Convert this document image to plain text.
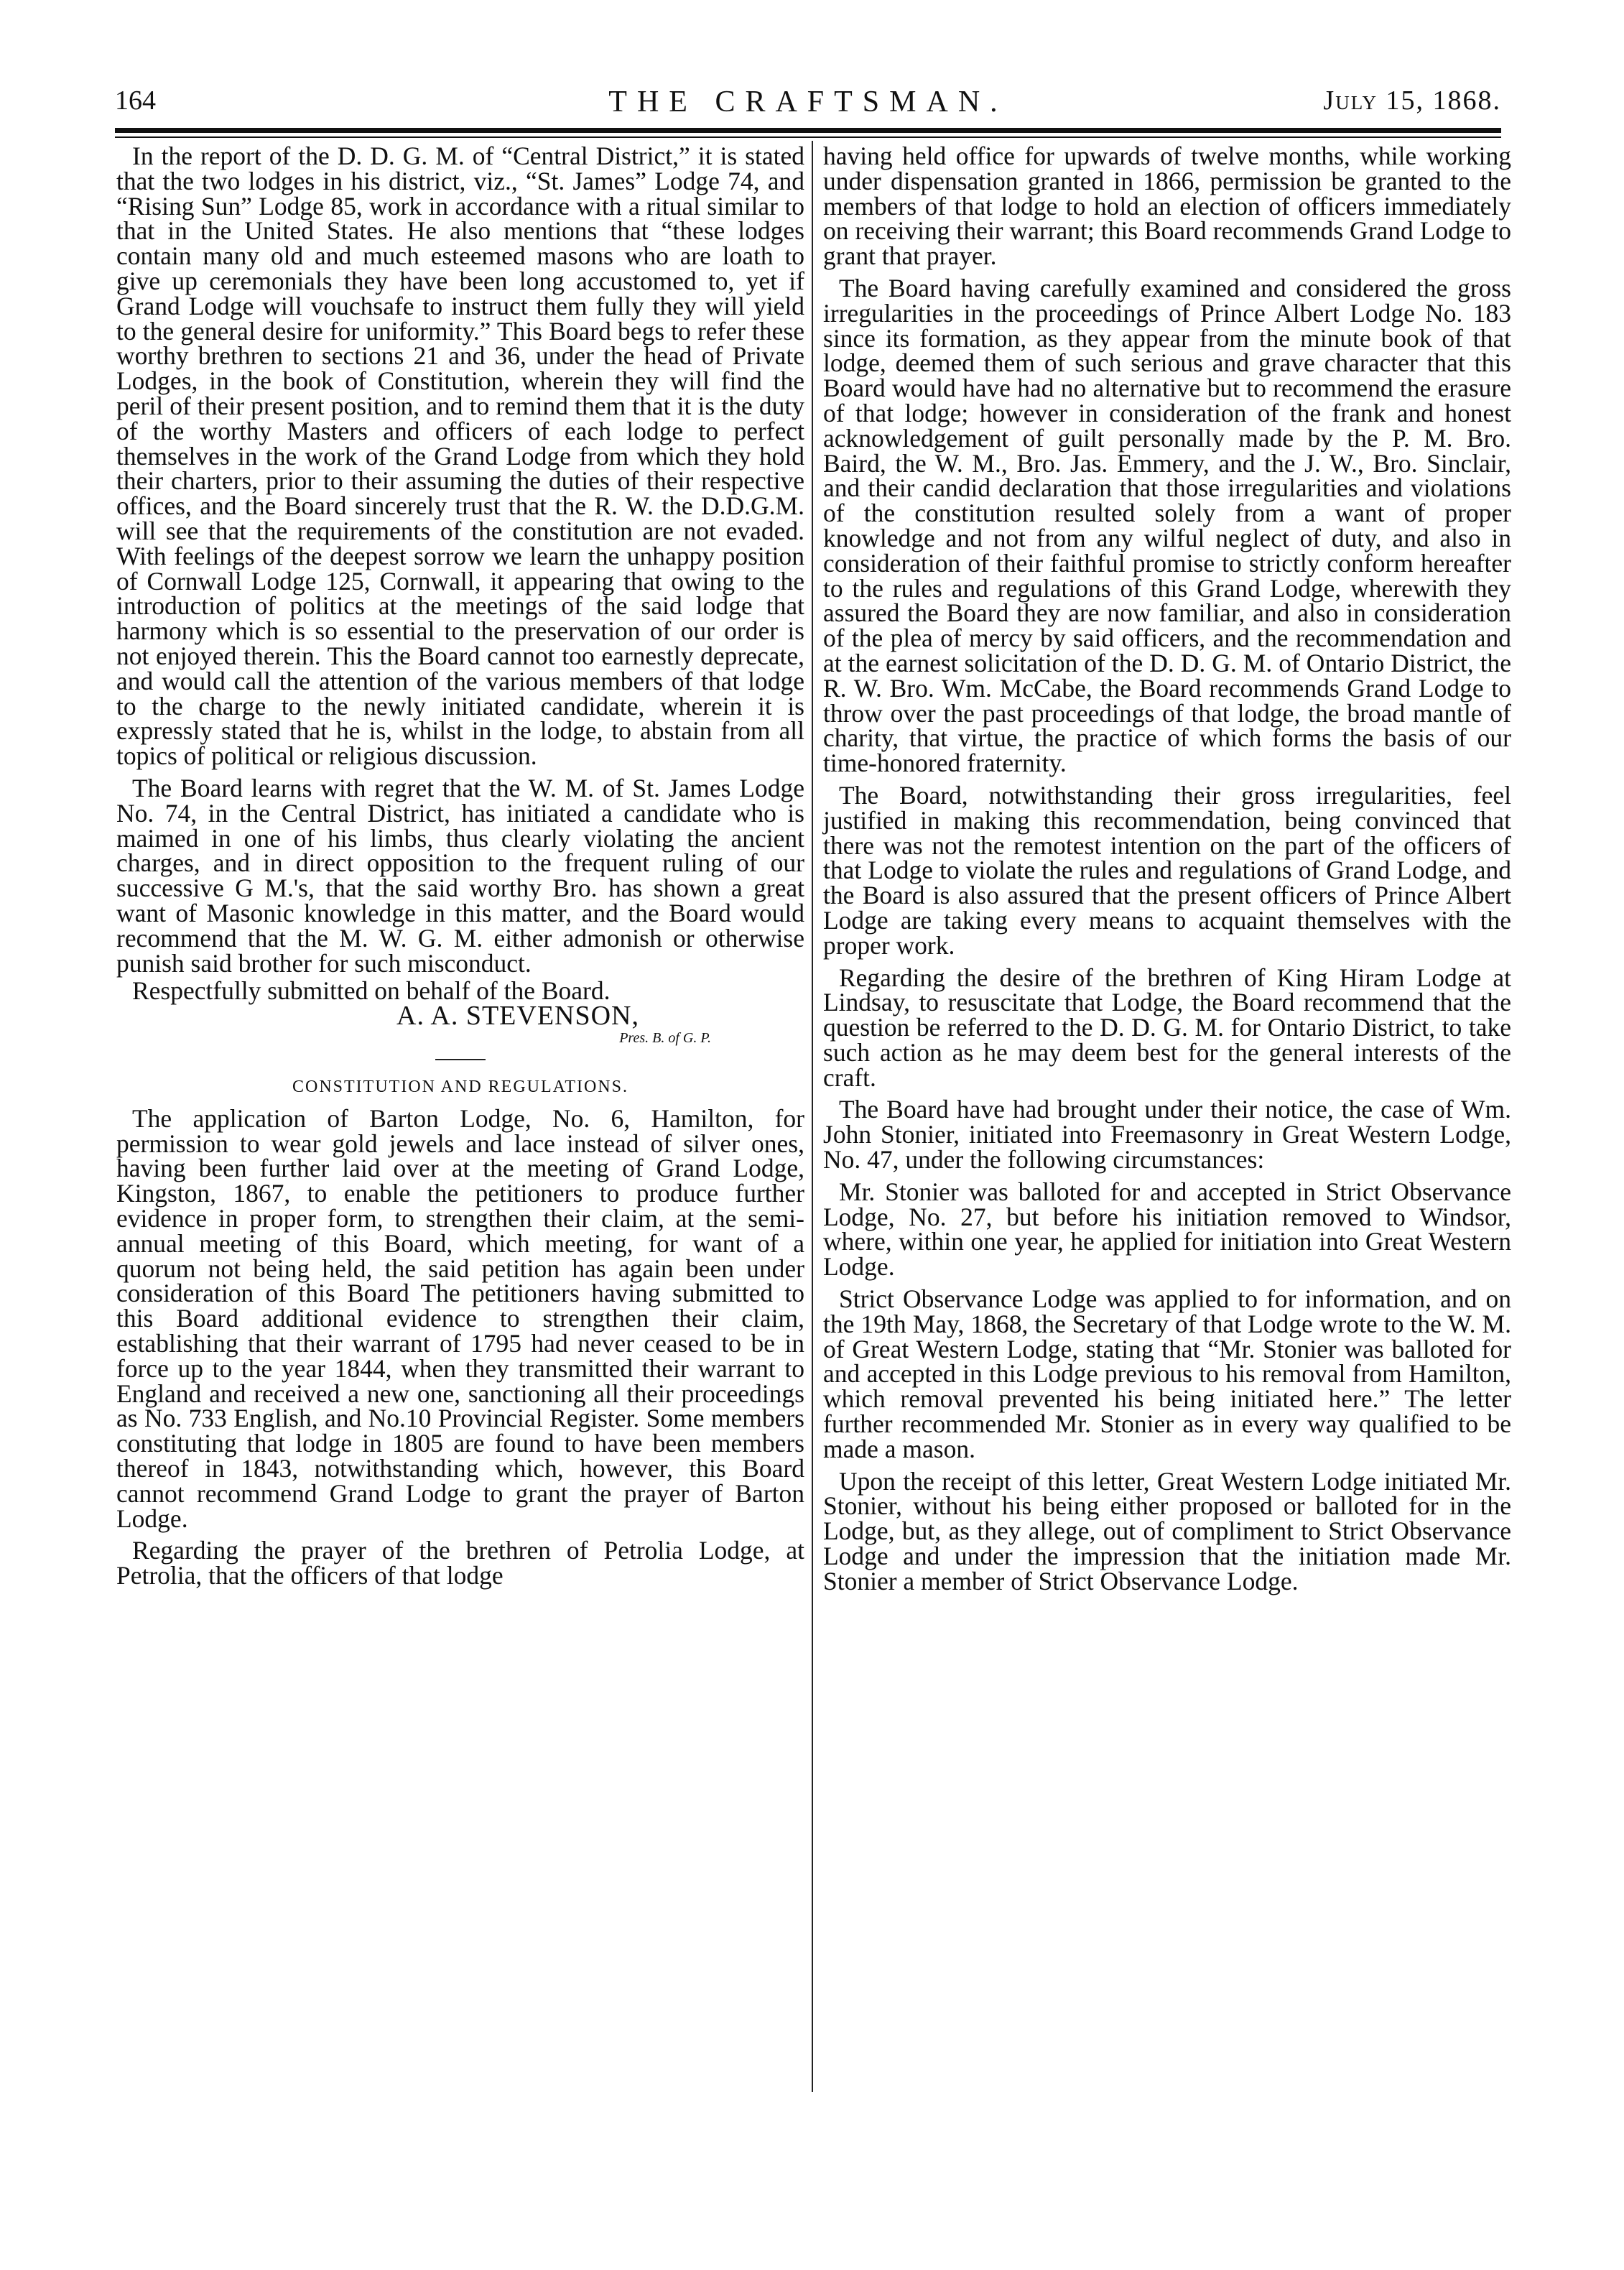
164	THE CRAFTSMAN.	July 15, 1868.

In the report of the D. D. G. M. of “Central District,” it is stated that the two lodges in his district, viz., “St. James” Lodge 74, and “Rising Sun” Lodge 85, work in accordance with a ritual similar to that in the United States. He also mentions that “these lodges contain many old and much esteemed masons who are loath to give up ceremonials they have been long accustomed to, yet if Grand Lodge will vouchsafe to instruct them fully they will yield to the general desire for uniformity.” This Board begs to refer these worthy brethren to sections 21 and 36, under the head of Private Lodges, in the book of Constitution, wherein they will find the peril of their present position, and to remind them that it is the duty of the worthy Masters and officers of each lodge to perfect themselves in the work of the Grand Lodge from which they hold their charters, prior to their assuming the duties of their respective offices, and the Board sincerely trust that the R. W. the D.D.G.M. will see that the requirements of the constitution are not evaded. With feelings of the deepest sorrow we learn the unhappy position of Cornwall Lodge 125, Cornwall, it appearing that owing to the introduction of politics at the meetings of the said lodge that harmony which is so essential to the preservation of our order is not enjoyed therein. This the Board cannot too earnestly deprecate, and would call the attention of the various members of that lodge to the charge to the newly initiated candidate, wherein it is expressly stated that he is, whilst in the lodge, to abstain from all topics of political or religious discussion.

The Board learns with regret that the W. M. of St. James Lodge No. 74, in the Central District, has initiated a candidate who is maimed in one of his limbs, thus clearly violating the ancient charges, and in direct opposition to the frequent ruling of our successive G M.'s, that the said worthy Bro. has shown a great want of Masonic knowledge in this matter, and the Board would recommend that the M. W. G. M. either admonish or otherwise punish said brother for such misconduct.

Respectfully submitted on behalf of the Board.
A. A. STEVENSON,
Pres. B. of G. P.
CONSTITUTION AND REGULATIONS.

The application of Barton Lodge, No. 6, Hamilton, for permission to wear gold jewels and lace instead of silver ones, having been further laid over at the meeting of Grand Lodge, Kingston, 1867, to enable the petitioners to produce further evidence in proper form, to strengthen their claim, at the semi-annual meeting of this Board, which meeting, for want of a quorum not being held, the said petition has again been under consideration of this Board The petitioners having submitted to this Board additional evidence to strengthen their claim, establishing that their warrant of 1795 had never ceased to be in force up to the year 1844, when they transmitted their warrant to England and received a new one, sanctioning all their proceedings as No. 733 English, and No.10 Provincial Register. Some members constituting that lodge in 1805 are found to have been members thereof in 1843, notwithstanding which, however, this Board cannot recommend Grand Lodge to grant the prayer of Barton Lodge.

Regarding the prayer of the brethren of Petrolia Lodge, at Petrolia, that the officers of that lodge

having held office for upwards of twelve months, while working under dispensation granted in 1866, permission be granted to the members of that lodge to hold an election of officers immediately on receiving their warrant; this Board recommends Grand Lodge to grant that prayer.

The Board having carefully examined and considered the gross irregularities in the proceedings of Prince Albert Lodge No. 183 since its formation, as they appear from the minute book of that lodge, deemed them of such serious and grave character that this Board would have had no alternative but to recommend the erasure of that lodge; however in consideration of the frank and honest acknowledgement of guilt personally made by the P. M. Bro. Baird, the W. M., Bro. Jas. Emmery, and the J. W., Bro. Sinclair, and their candid declaration that those irregularities and violations of the constitution resulted solely from a want of proper knowledge and not from any wilful neglect of duty, and also in consideration of their faithful promise to strictly conform hereafter to the rules and regulations of this Grand Lodge, wherewith they assured the Board they are now familiar, and also in consideration of the plea of mercy by said officers, and the recommendation and at the earnest solicitation of the D. D. G. M. of Ontario District, the R. W. Bro. Wm. McCabe, the Board recommends Grand Lodge to throw over the past proceedings of that lodge, the broad mantle of charity, that virtue, the practice of which forms the basis of our time-honored fraternity.

The Board, notwithstanding their gross irregularities, feel justified in making this recommendation, being convinced that there was not the remotest intention on the part of the officers of that Lodge to violate the rules and regulations of Grand Lodge, and the Board is also assured that the present officers of Prince Albert Lodge are taking every means to acquaint themselves with the proper work.

Regarding the desire of the brethren of King Hiram Lodge at Lindsay, to resuscitate that Lodge, the Board recommend that the question be referred to the D. D. G. M. for Ontario District, to take such action as he may deem best for the general interests of the craft.

The Board have had brought under their notice, the case of Wm. John Stonier, initiated into Freemasonry in Great Western Lodge, No. 47, under the following circumstances:

Mr. Stonier was balloted for and accepted in Strict Observance Lodge, No. 27, but before his initiation removed to Windsor, where, within one year, he applied for initiation into Great Western Lodge.

Strict Observance Lodge was applied to for information, and on the 19th May, 1868, the Secretary of that Lodge wrote to the W. M. of Great Western Lodge, stating that “Mr. Stonier was balloted for and accepted in this Lodge previous to his removal from Hamilton, which removal prevented his being initiated here.” The letter further recommended Mr. Stonier as in every way qualified to be made a mason.

Upon the receipt of this letter, Great Western Lodge initiated Mr. Stonier, without his being either proposed or balloted for in the Lodge, but, as they allege, out of compliment to Strict Observance Lodge and under the impression that the initiation made Mr. Stonier a member of Strict Observance Lodge.
